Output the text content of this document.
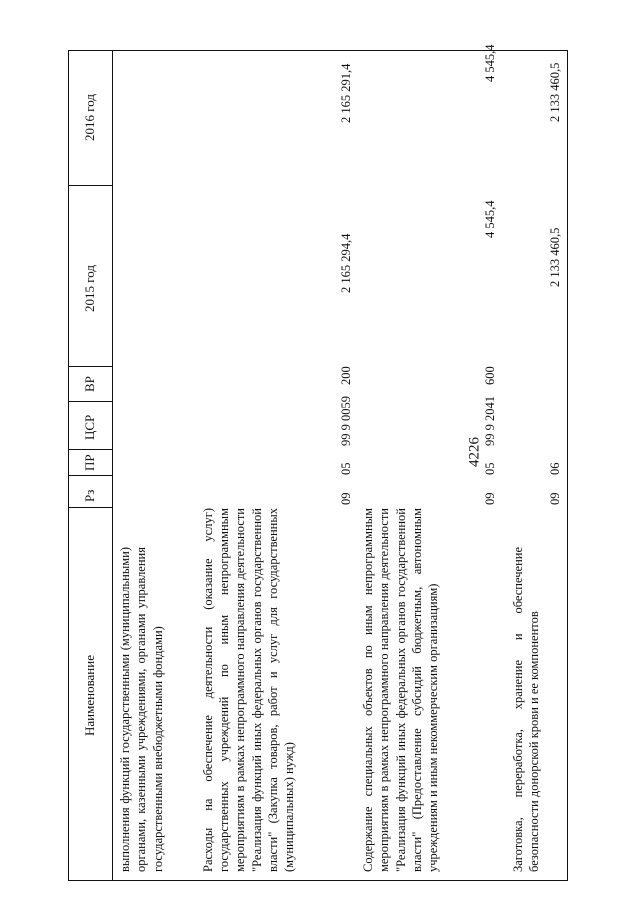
4226
Наименование
Рз
ПР
ЦСР
ВР
2015 год
2016 год
выполнения функций государственными (муниципальными) органами, казенными учреждениями, органами управления государственными внебюджетными фондами)	Расходы на обеспечение деятельности (оказание услуг) государственных учреждений по иным непрограммным мероприятиям в рамках непрограммного направления деятельности "Реализация функций иных федеральных органов государственной власти" (Закупка товаров, работ и услуг для государственных (муниципальных) нужд)
09
05
99 9 0059
200
2 165 294,4
2 165 291,4
Содержание специальных объектов по иным непрограммным мероприятиям в рамках непрограммного направления деятельности "Реализация функций иных федеральных органов государственной власти" (Предоставление субсидий бюджетным, автономным учреждениям и иным некоммерческим организациям)
09
05
99 9 2041
600
4 545,4
4 545,4
Заготовка, переработка, хранение и обеспечение безопасности донорской крови и ее компонентов
09
06
2 133 460,5
2 133 460,5
